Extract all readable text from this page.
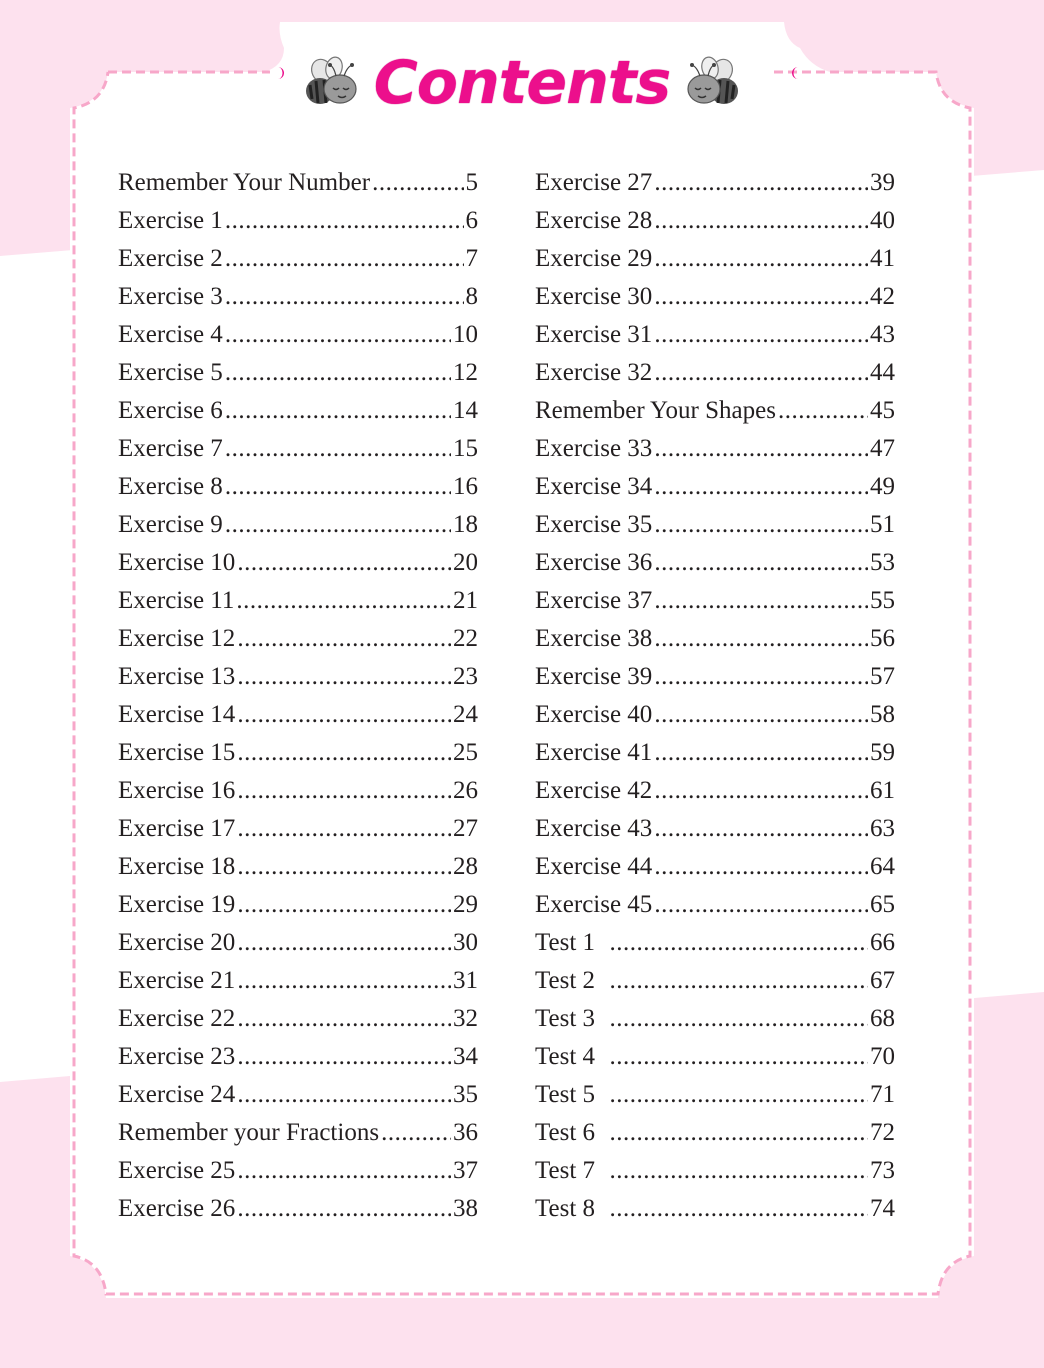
Contents
Remember Your Number .....	5
Exercise 1 .....	6
Exercise 2 .....	7
Exercise 3 .....	8
Exercise 4 .....	10
Exercise 5 .....	12
Exercise 6 .....	14
Exercise 7 .....	15
Exercise 8 .....	16
Exercise 9 .....	18
Exercise 10 .....	20
Exercise 11 .....	21
Exercise 12 .....	22
Exercise 13 .....	23
Exercise 14 .....	24
Exercise 15 .....	25
Exercise 16 .....	26
Exercise 17 .....	27
Exercise 18 .....	28
Exercise 19 .....	29
Exercise 20 .....	30
Exercise 21 .....	31
Exercise 22 .....	32
Exercise 23 .....	34
Exercise 24 .....	35
Remember your Fractions .....	36
Exercise 25 .....	37
Exercise 26 .....	38
Exercise 27 .....	39
Exercise 28 .....	40
Exercise 29 .....	41
Exercise 30 .....	42
Exercise 31 .....	43
Exercise 32 .....	44
Remember Your Shapes .....	45
Exercise 33 .....	47
Exercise 34 .....	49
Exercise 35 .....	51
Exercise 36 .....	53
Exercise 37 .....	55
Exercise 38 .....	56
Exercise 39 .....	57
Exercise 40 .....	58
Exercise 41 .....	59
Exercise 42 .....	61
Exercise 43 .....	63
Exercise 44 .....	64
Exercise 45 .....	65
Test 1 .....	66
Test 2 .....	67
Test 3 .....	68
Test 4 .....	70
Test 5 .....	71
Test 6 .....	72
Test 7 .....	73
Test 8 .....	74
